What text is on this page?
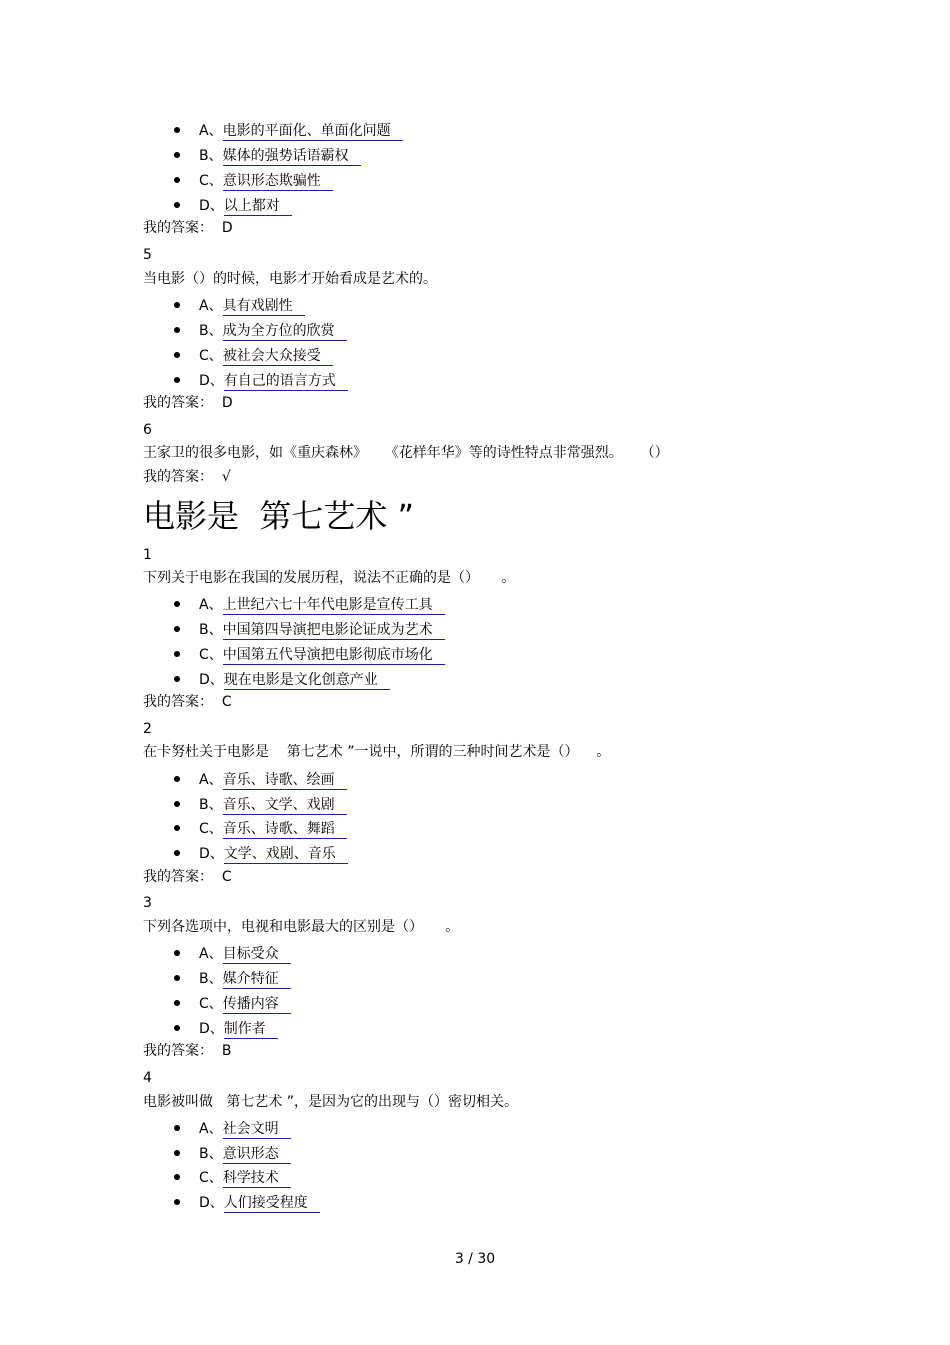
A、电影的平面化、单面化问题
B、媒体的强势话语霸权
C、意识形态欺骗性
D、以上都对
我的答案： D
5
当电影（）的时候，电影才开始看成是艺术的。
A、具有戏剧性
B、成为全方位的欣赏
C、被社会大众接受
D、有自己的语言方式
我的答案： D
6
王家卫的很多电影，如《重庆森林》    《花样年华》等的诗性特点非常强烈。    （）
我的答案： √
电影是  第七艺术 ”
1
下列关于电影在我国的发展历程，说法不正确的是（）     。
A、上世纪六七十年代电影是宣传工具
B、中国第四导演把电影论证成为艺术
C、中国第五代导演把电影彻底市场化
D、现在电影是文化创意产业
我的答案： C
2
在卡努杜关于电影是    第七艺术 ”一说中，所谓的三种时间艺术是（）    。
A、音乐、诗歌、绘画
B、音乐、文学、戏剧
C、音乐、诗歌、舞蹈
D、文学、戏剧、音乐
我的答案： C
3
下列各选项中，电视和电影最大的区别是（）     。
A、目标受众
B、媒介特征
C、传播内容
D、制作者
我的答案： B
4
电影被叫做   第七艺术 ”，是因为它的出现与（）密切相关。
A、社会文明
B、意识形态
C、科学技术
D、人们接受程度
3 / 30
